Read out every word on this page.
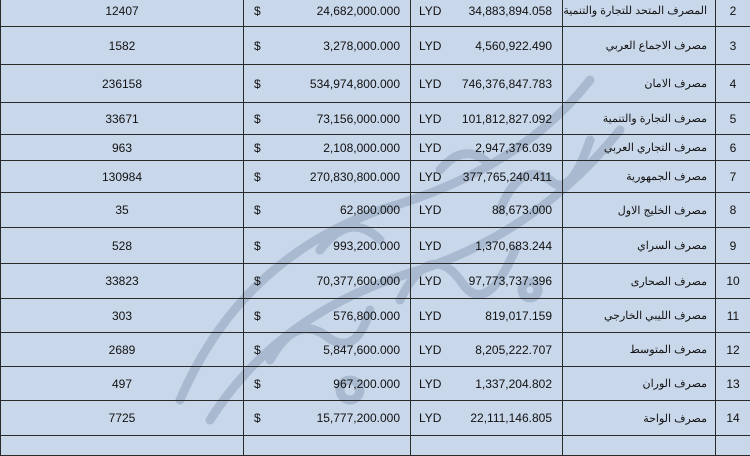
12407	$ 24,682,000.000	LYD 34,883,894.058	المصرف المتحد للتجارة والتنمية	2
1582	$ 3,278,000.000	LYD 4,560,922.490	مصرف الاجماع العربي	3
236158	$ 534,974,800.000	LYD 746,376,847.783	مصرف الامان	4
33671	$ 73,156,000.000	LYD 101,812,827.092	مصرف التجارة والتنمية	5
963	$ 2,108,000.000	LYD 2,947,376.039	مصرف التجاري العربي	6
130984	$ 270,830,800.000	LYD 377,765,240.411	مصرف الجمهورية	7
35	$ 62,800.000	LYD 88,673.000	مصرف الخليج الاول	8
528	$ 993,200.000	LYD 1,370,683.244	مصرف السراي	9
33823	$ 70,377,600.000	LYD 97,773,737.396	مصرف الصحارى	10
303	$ 576,800.000	LYD 819,017.159	مصرف الليبي الخارجي	11
2689	$ 5,847,600.000	LYD 8,205,222.707	مصرف المتوسط	12
497	$ 967,200.000	LYD 1,337,204.802	مصرف الوران	13
7725	$ 15,777,200.000	LYD 22,111,146.805	مصرف الواحة	14
